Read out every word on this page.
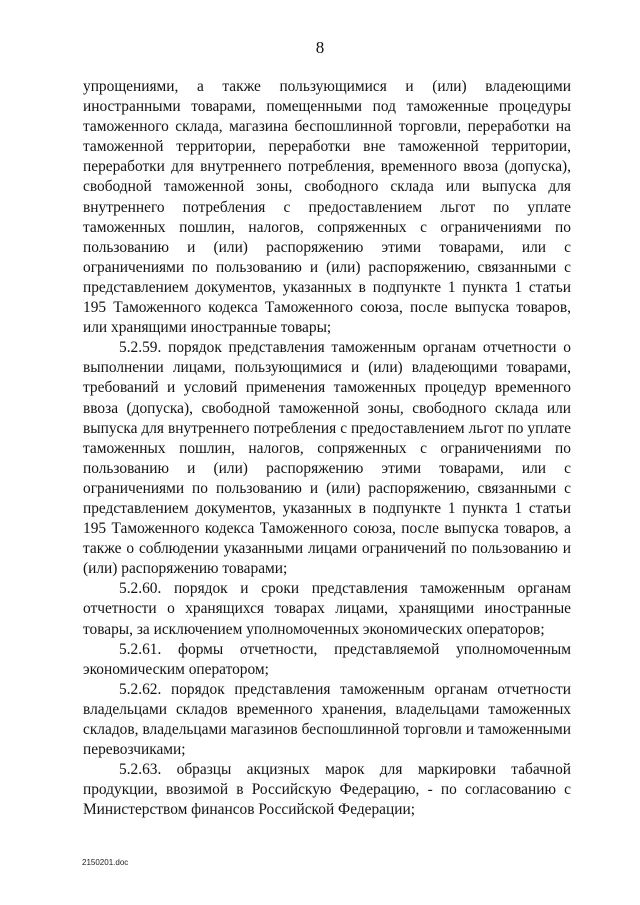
8

упрощениями, а также пользующимися и (или) владеющими иностранными товарами, помещенными под таможенные процедуры таможенного склада, магазина беспошлинной торговли, переработки на таможенной территории, переработки вне таможенной территории, переработки для внутреннего потребления, временного ввоза (допуска), свободной таможенной зоны, свободного склада или выпуска для внутреннего потребления с предоставлением льгот по уплате таможенных пошлин, налогов, сопряженных с ограничениями по пользованию и (или) распоряжению этими товарами, или с ограничениями по пользованию и (или) распоряжению, связанными с представлением документов, указанных в подпункте 1 пункта 1 статьи 195 Таможенного кодекса Таможенного союза, после выпуска товаров, или хранящими иностранные товары;

5.2.59. порядок представления таможенным органам отчетности о выполнении лицами, пользующимися и (или) владеющими товарами, требований и условий применения таможенных процедур временного ввоза (допуска), свободной таможенной зоны, свободного склада или выпуска для внутреннего потребления с предоставлением льгот по уплате таможенных пошлин, налогов, сопряженных с ограничениями по пользованию и (или) распоряжению этими товарами, или с ограничениями по пользованию и (или) распоряжению, связанными с представлением документов, указанных в подпункте 1 пункта 1 статьи 195 Таможенного кодекса Таможенного союза, после выпуска товаров, а также о соблюдении указанными лицами ограничений по пользованию и (или) распоряжению товарами;

5.2.60. порядок и сроки представления таможенным органам отчетности о хранящихся товарах лицами, хранящими иностранные товары, за исключением уполномоченных экономических операторов;

5.2.61. формы отчетности, представляемой уполномоченным экономическим оператором;

5.2.62. порядок представления таможенным органам отчетности владельцами складов временного хранения, владельцами таможенных складов, владельцами магазинов беспошлинной торговли и таможенными перевозчиками;

5.2.63. образцы акцизных марок для маркировки табачной продукции, ввозимой в Российскую Федерацию, - по согласованию с Министерством финансов Российской Федерации;

2150201.doc
